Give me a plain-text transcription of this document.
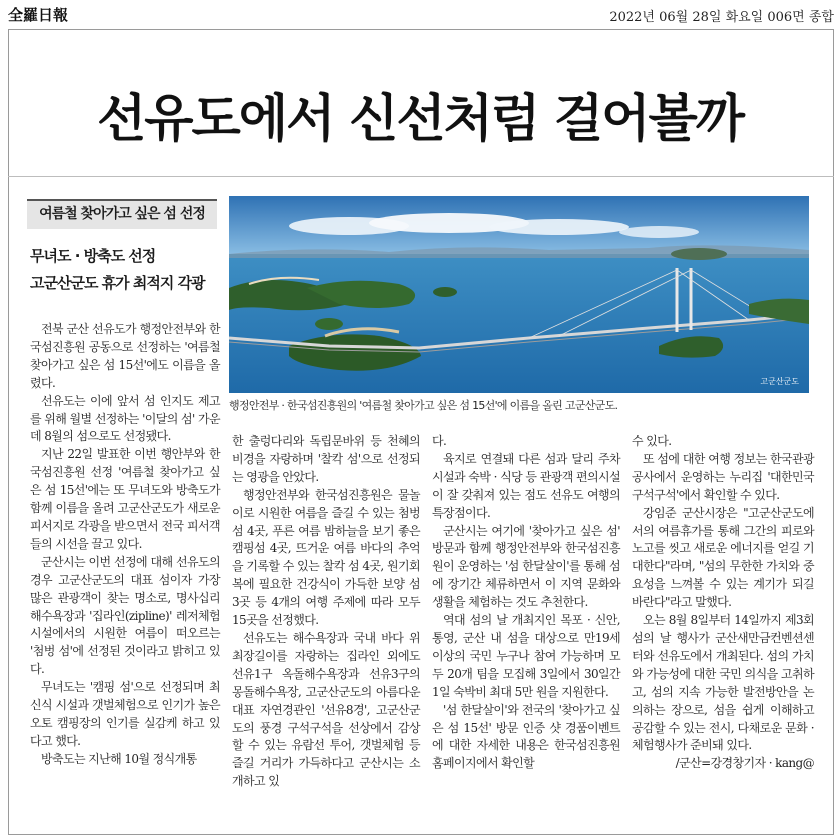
全羅日報	2022년 06월 28일 화요일 006면 종합
선유도에서 신선처럼 걸어볼까
여름철 찾아가고 싶은 섬 선정
무녀도 · 방축도 선정
고군산군도 휴가 최적지 각광
고군산군도
행정안전부 · 한국섬진흥원의 '여름철 찾아가고 싶은 섬 15선'에 이름을 올린 고군산군도.

전북 군산 선유도가 행정안전부와 한국섬진흥원 공동으로 선정하는 '여름철 찾아가고 싶은 섬 15선'에도 이름을 올렸다.

선유도는 이에 앞서 섬 인지도 제고를 위해 월별 선정하는 '이달의 섬' 가운데 8월의 섬으로도 선정됐다.

지난 22일 발표한 이번 행안부와 한국섬진흥원 선정 '여름철 찾아가고 싶은 섬 15선'에는 또 무녀도와 방축도가 함께 이름을 올려 고군산군도가 새로운 피서지로 각광을 받으면서 전국 피서객들의 시선을 끌고 있다.

군산시는 이번 선정에 대해 선유도의 경우 고군산군도의 대표 섬이자 가장 많은 관광객이 찾는 명소로, 명사십리 해수욕장과 '집라인(zipline)' 레저체험시설에서의 시원한 여름이 떠오르는 '첨벙 섬'에 선정된 것이라고 밝히고 있다.

무녀도는 '캠핑 섬'으로 선정되며 최신식 시설과 갯벌체험으로 인기가 높은 오토 캠핑장의 인기를 실감케 하고 있다고 했다.

방축도는 지난해 10월 정식개통

한 출렁다리와 독립문바위 등 천혜의 비경을 자랑하며 '찰칵 섬'으로 선정되는 영광을 안았다.

행정안전부와 한국섬진흥원은 물놀이로 시원한 여름을 즐길 수 있는 첨벙 섬 4곳, 푸른 여름 밤하늘을 보기 좋은 캠핑섬 4곳, 뜨거운 여름 바다의 추억을 기록할 수 있는 찰칵 섬 4곳, 원기회복에 필요한 건강식이 가득한 보양 섬 3곳 등 4개의 여행 주제에 따라 모두 15곳을 선정했다.

선유도는 해수욕장과 국내 바다 위 최장길이를 자랑하는 집라인 외에도 선유1구 옥돌해수욕장과 선유3구의 몽돌해수욕장, 고군산군도의 아름다운 대표 자연경관인 '선유8경', 고군산군도의 풍경 구석구석을 선상에서 감상할 수 있는 유람선 투어, 갯벌체험 등 즐길 거리가 가득하다고 군산시는 소개하고 있

다.

육지로 연결돼 다른 섬과 달리 주차시설과 숙박 · 식당 등 관광객 편의시설이 잘 갖춰져 있는 점도 선유도 여행의 특장점이다.

군산시는 여기에 '찾아가고 싶은 섬' 방문과 함께 행정안전부와 한국섬진흥원이 운영하는 '섬 한달살이'를 통해 섬에 장기간 체류하면서 이 지역 문화와 생활을 체험하는 것도 추천한다.

역대 섬의 날 개최지인 목포 · 신안, 통영, 군산 내 섬을 대상으로 만19세 이상의 국민 누구나 참여 가능하며 모두 20개 팀을 모집해 3일에서 30일간 1일 숙박비 최대 5만 원을 지원한다.

'섬 한달살이'와 전국의 '찾아가고 싶은 섬 15선' 방문 인증 샷 경품이벤트에 대한 자세한 내용은 한국섬진흥원 홈페이지에서 확인할

수 있다.

또 섬에 대한 여행 정보는 한국관광공사에서 운영하는 누리집 '대한민국 구석구석'에서 확인할 수 있다.

강임준 군산시장은 "고군산군도에서의 여름휴가를 통해 그간의 피로와 노고를 씻고 새로운 에너지를 얻길 기대한다"라며, "섬의 무한한 가치와 중요성을 느껴볼 수 있는 계기가 되길 바란다"라고 말했다.

오는 8월 8일부터 14일까지 제3회 섬의 날 행사가 군산새만금컨벤션센터와 선유도에서 개최된다. 섬의 가치와 가능성에 대한 국민 의식을 고취하고, 섬의 지속 가능한 발전방안을 논의하는 장으로, 섬을 쉽게 이해하고 공감할 수 있는 전시, 다채로운 문화 · 체험행사가 준비돼 있다.

/군산=강경창기자 · kang@
